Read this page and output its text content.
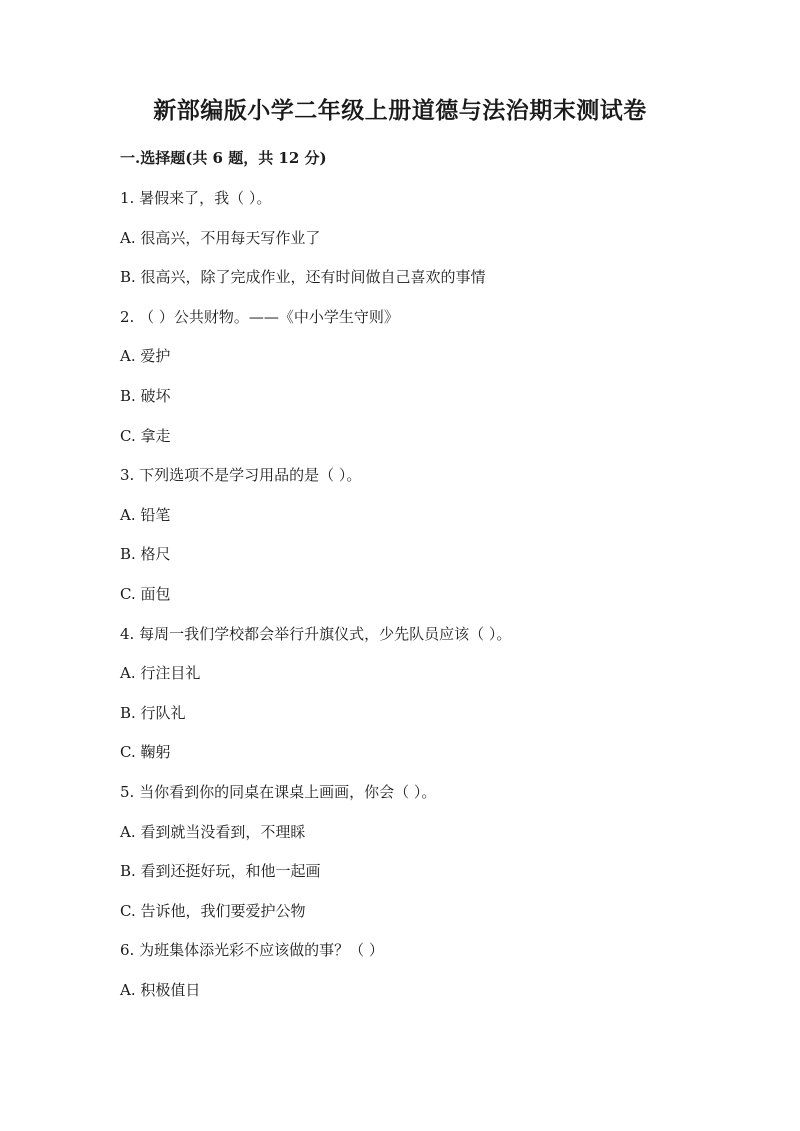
新部编版小学二年级上册道德与法治期末测试卷

一.选择题(共 6 题，共 12 分)

1. 暑假来了，我（ ）。

A. 很高兴，不用每天写作业了

B. 很高兴，除了完成作业，还有时间做自己喜欢的事情

2. （ ）公共财物。——《中小学生守则》

A. 爱护

B. 破坏

C. 拿走

3. 下列选项不是学习用品的是（ ）。

A. 铅笔

B. 格尺

C. 面包

4. 每周一我们学校都会举行升旗仪式，少先队员应该（ ）。

A. 行注目礼

B. 行队礼

C. 鞠躬

5. 当你看到你的同桌在课桌上画画，你会（ ）。

A. 看到就当没看到，不理睬

B. 看到还挺好玩，和他一起画

C. 告诉他，我们要爱护公物

6. 为班集体添光彩不应该做的事？（ ）

A. 积极值日
